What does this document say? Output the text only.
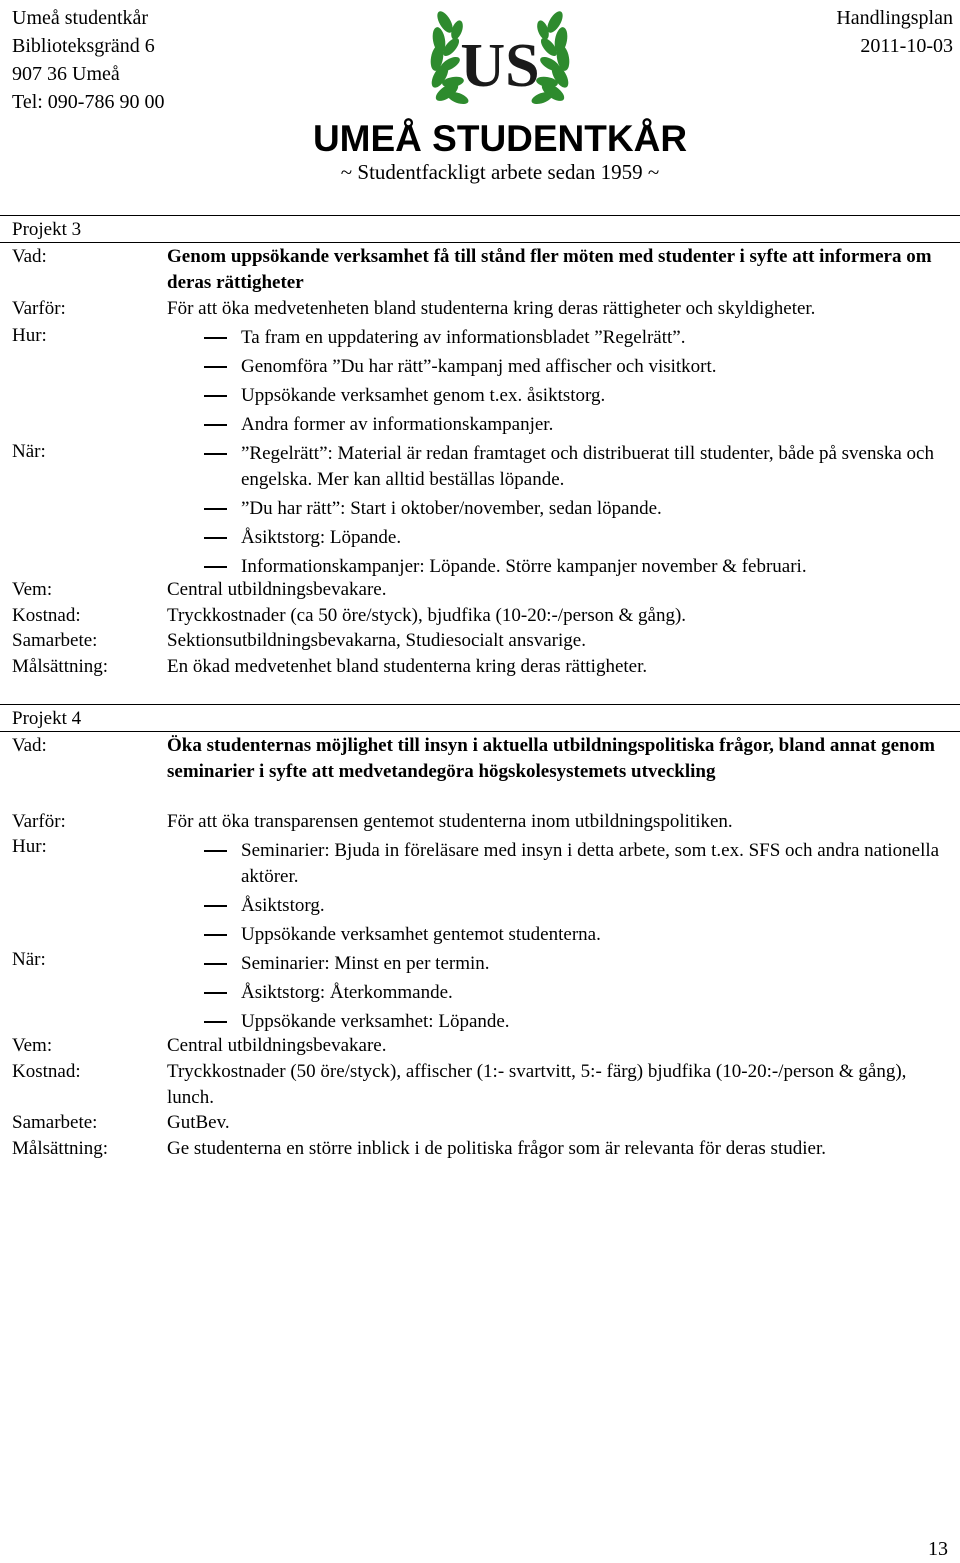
Umeå studentkår
Biblioteksgränd 6
907 36 Umeå
Tel: 090-786 90 00
Handlingsplan
2011-10-03
US
UMEÅ STUDENTKÅR
~ Studentfackligt arbete sedan 1959 ~
Projekt 3
Vad:	Genom uppsökande verksamhet få till stånd fler möten med studenter i syfte att informera om deras rättigheter
Varför:	För att öka medvetenheten bland studenterna kring deras rättigheter och skyldigheter.
Hur:	Ta fram en uppdatering av informationsbladet ”Regelrätt”.
Genomföra ”Du har rätt”-kampanj med affischer och visitkort.
Uppsökande verksamhet genom t.ex. åsiktstorg.
Andra former av informationskampanjer.
När:	”Regelrätt”: Material är redan framtaget och distribuerat till studenter, både på svenska och engelska. Mer kan alltid beställas löpande.
”Du har rätt”: Start i oktober/november, sedan löpande.
Åsiktstorg: Löpande.
Informationskampanjer: Löpande. Större kampanjer november & februari.
Vem:	Central utbildningsbevakare.
Kostnad:	Tryckkostnader (ca 50 öre/styck), bjudfika (10-20:-/person & gång).
Samarbete:	Sektionsutbildningsbevakarna, Studiesocialt ansvarige.
Målsättning:	En ökad medvetenhet bland studenterna kring deras rättigheter.
Projekt 4
Vad:	Öka studenternas möjlighet till insyn i aktuella utbildningspolitiska frågor, bland annat genom seminarier i syfte att medvetandegöra högskolesystemets utveckling
Varför:	För att öka transparensen gentemot studenterna inom utbildningspolitiken.
Hur:	Seminarier: Bjuda in föreläsare med insyn i detta arbete, som t.ex. SFS och andra nationella aktörer.
Åsiktstorg.
Uppsökande verksamhet gentemot studenterna.
När:	Seminarier: Minst en per termin.
Åsiktstorg: Återkommande.
Uppsökande verksamhet: Löpande.
Vem:	Central utbildningsbevakare.
Kostnad:	Tryckkostnader (50 öre/styck), affischer (1:- svartvitt, 5:- färg) bjudfika (10-20:-/person & gång), lunch.
Samarbete:	GutBev.
Målsättning:	Ge studenterna en större inblick i de politiska frågor som är relevanta för deras studier.
13
